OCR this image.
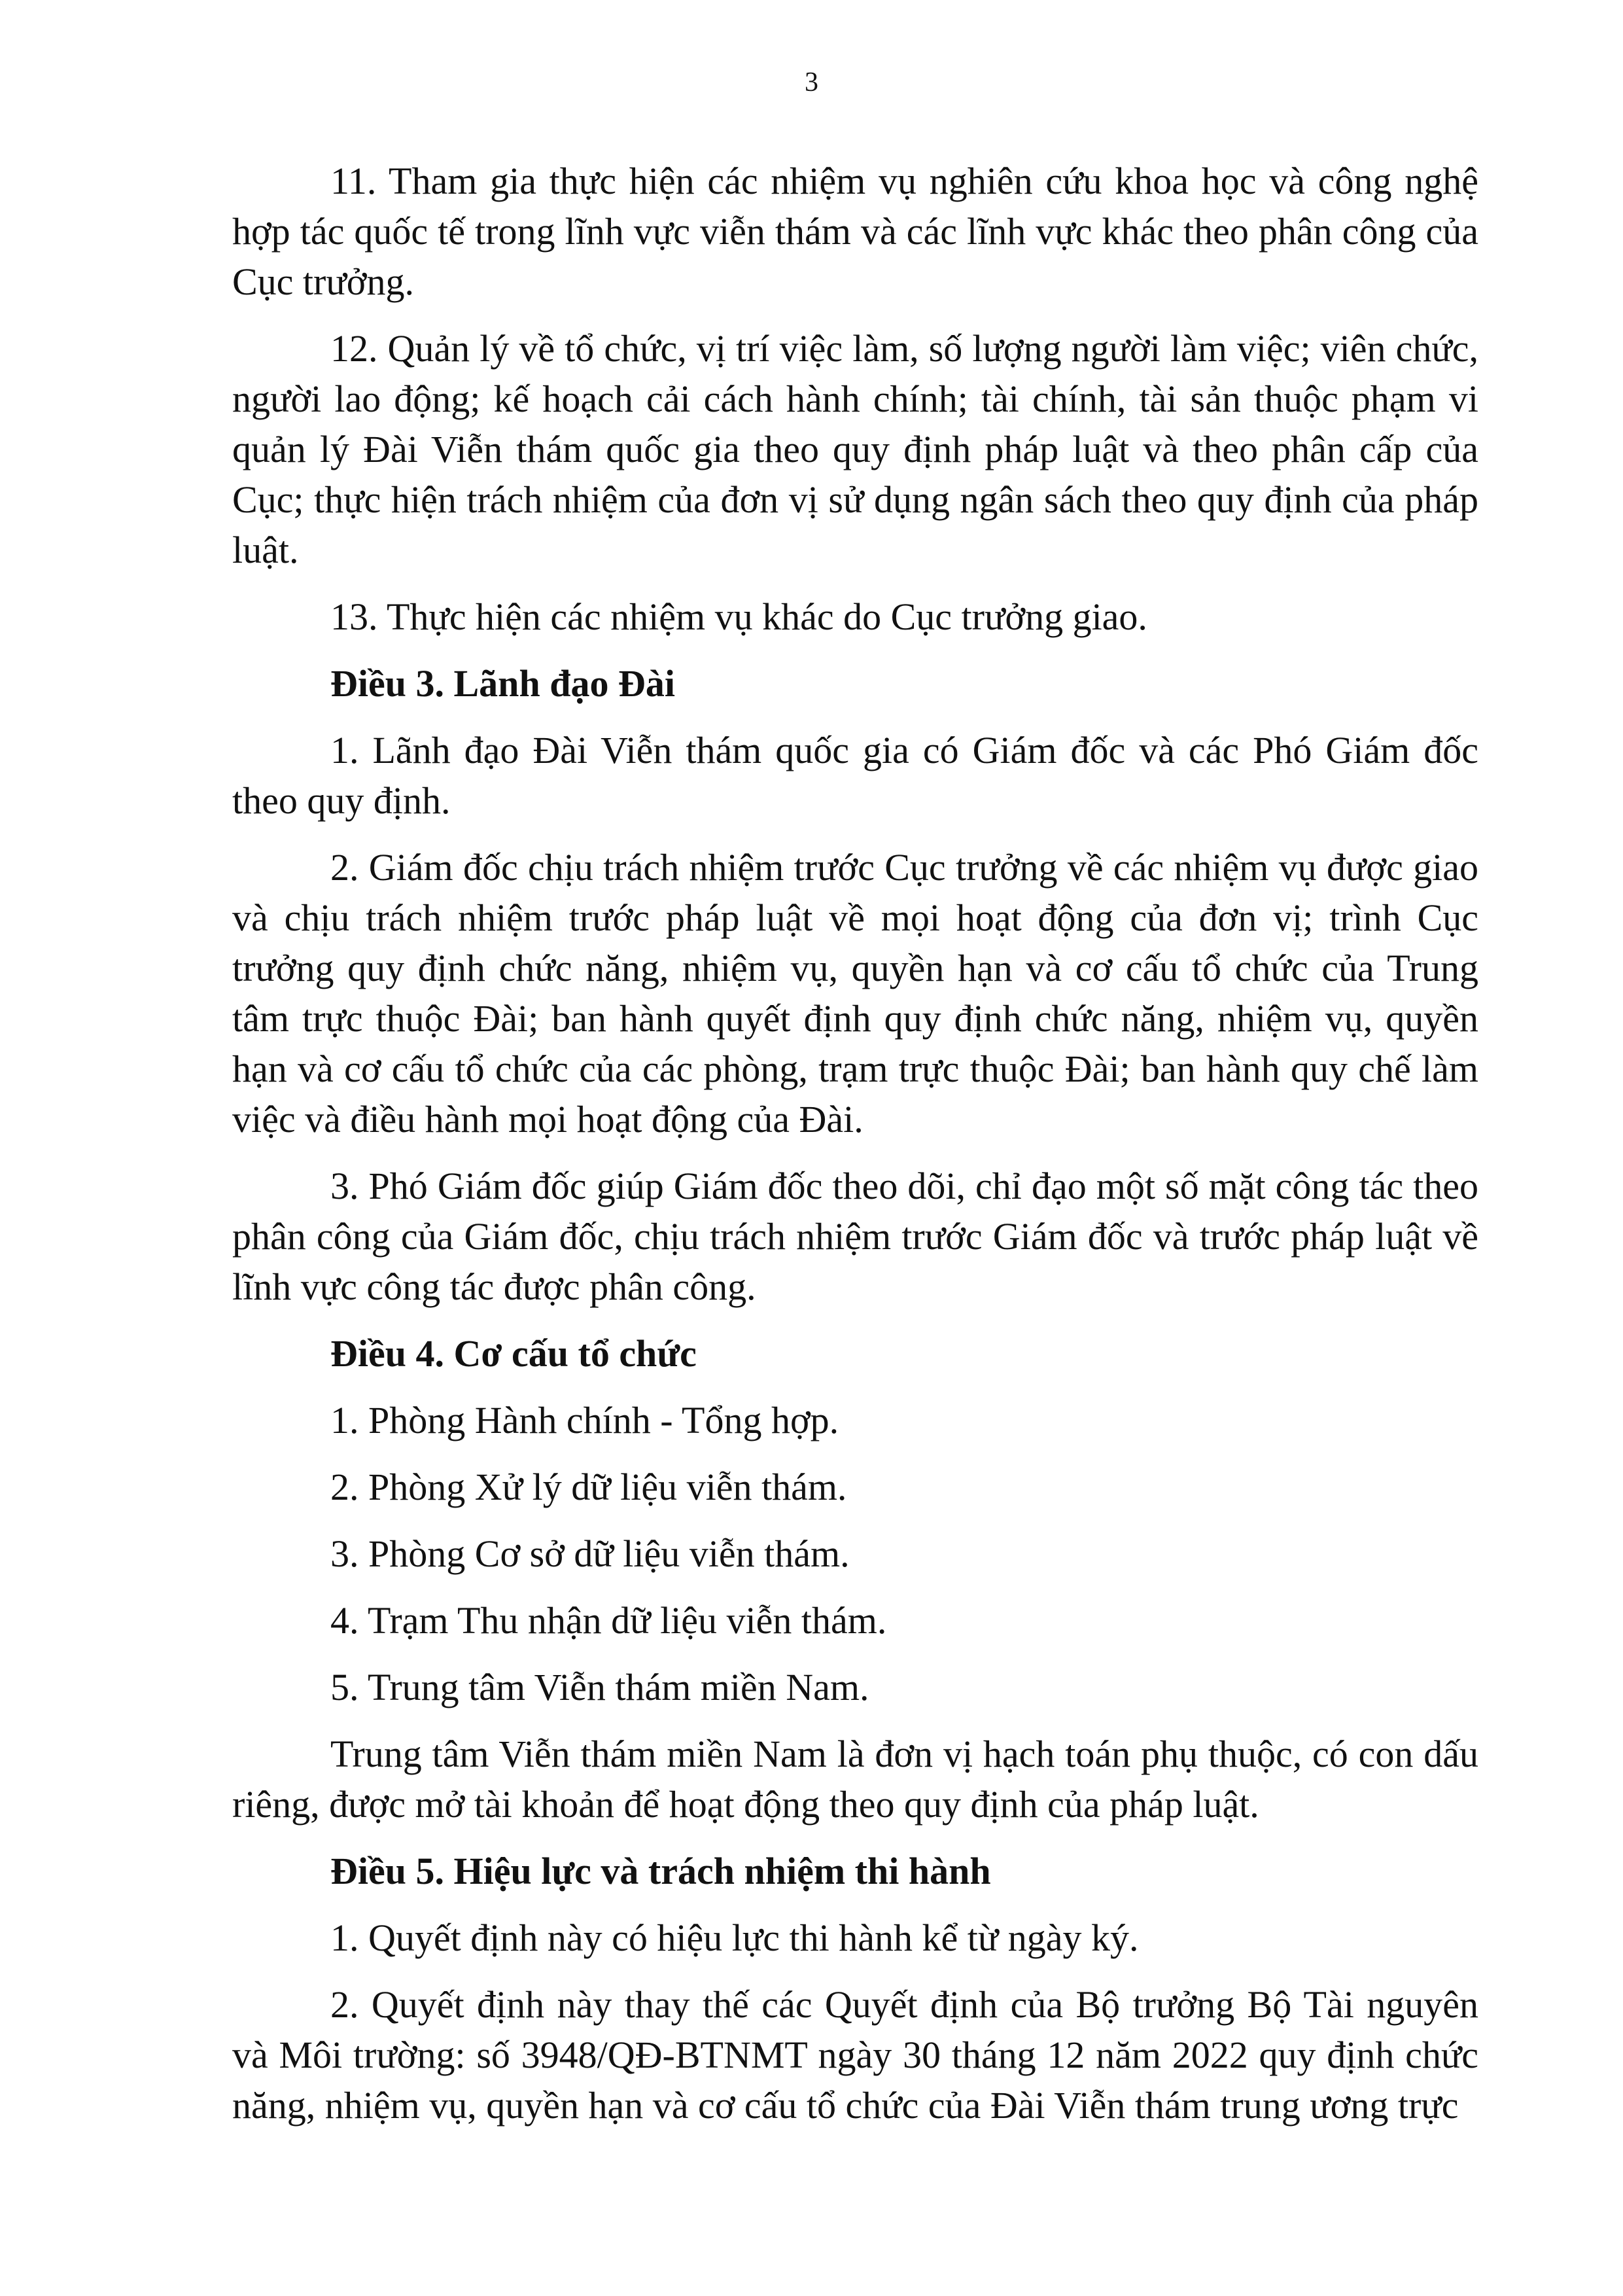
3

11. Tham gia thực hiện các nhiệm vụ nghiên cứu khoa học và công nghệ hợp tác quốc tế trong lĩnh vực viễn thám và các lĩnh vực khác theo phân công của Cục trưởng.

12. Quản lý về tổ chức, vị trí việc làm, số lượng người làm việc; viên chức, người lao động; kế hoạch cải cách hành chính; tài chính, tài sản thuộc phạm vi quản lý Đài Viễn thám quốc gia theo quy định pháp luật và theo phân cấp của Cục; thực hiện trách nhiệm của đơn vị sử dụng ngân sách theo quy định của pháp luật.

13. Thực hiện các nhiệm vụ khác do Cục trưởng giao.

Điều 3. Lãnh đạo Đài

1. Lãnh đạo Đài Viễn thám quốc gia có Giám đốc và các Phó Giám đốc theo quy định.

2. Giám đốc chịu trách nhiệm trước Cục trưởng về các nhiệm vụ được giao và chịu trách nhiệm trước pháp luật về mọi hoạt động của đơn vị; trình Cục trưởng quy định chức năng, nhiệm vụ, quyền hạn và cơ cấu tổ chức của Trung tâm trực thuộc Đài; ban hành quyết định quy định chức năng, nhiệm vụ, quyền hạn và cơ cấu tổ chức của các phòng, trạm trực thuộc Đài; ban hành quy chế làm việc và điều hành mọi hoạt động của Đài.

3. Phó Giám đốc giúp Giám đốc theo dõi, chỉ đạo một số mặt công tác theo phân công của Giám đốc, chịu trách nhiệm trước Giám đốc và trước pháp luật về lĩnh vực công tác được phân công.

Điều 4. Cơ cấu tổ chức

1. Phòng Hành chính - Tổng hợp.

2. Phòng Xử lý dữ liệu viễn thám.

3. Phòng Cơ sở dữ liệu viễn thám.

4. Trạm Thu nhận dữ liệu viễn thám.

5. Trung tâm Viễn thám miền Nam.

Trung tâm Viễn thám miền Nam là đơn vị hạch toán phụ thuộc, có con dấu riêng, được mở tài khoản để hoạt động theo quy định của pháp luật.

Điều 5. Hiệu lực và trách nhiệm thi hành

1. Quyết định này có hiệu lực thi hành kể từ ngày ký.

2. Quyết định này thay thế các Quyết định của Bộ trưởng Bộ Tài nguyên và Môi trường: số 3948/QĐ-BTNMT ngày 30 tháng 12 năm 2022 quy định chức năng, nhiệm vụ, quyền hạn và cơ cấu tổ chức của Đài Viễn thám trung ương trực
